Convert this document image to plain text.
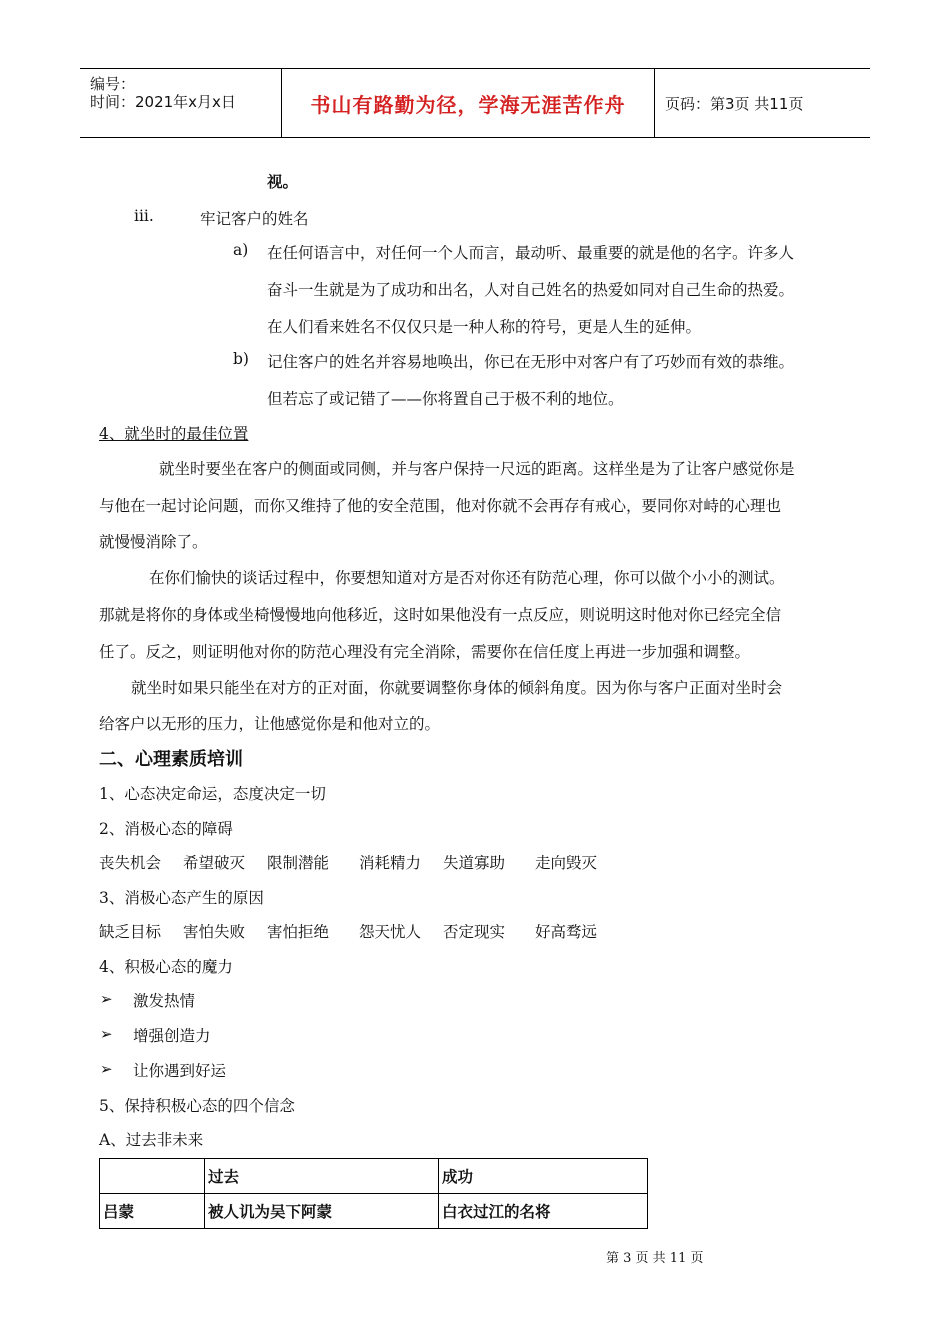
编号：
时间：2021年x月x日	书山有路勤为径，学海无涯苦作舟	页码：第3页 共11页
视。
iii.	牢记客户的姓名
a) 在任何语言中，对任何一个人而言，最动听、最重要的就是他的名字。许多人
奋斗一生就是为了成功和出名，人对自己姓名的热爱如同对自己生命的热爱。
在人们看来姓名不仅仅只是一种人称的符号，更是人生的延伸。
b) 记住客户的姓名并容易地唤出，你已在无形中对客户有了巧妙而有效的恭维。
但若忘了或记错了——你将置自己于极不利的地位。
4、就坐时的最佳位置
就坐时要坐在客户的侧面或同侧，并与客户保持一尺远的距离。这样坐是为了让客户感觉你是
与他在一起讨论问题，而你又维持了他的安全范围，他对你就不会再存有戒心，要同你对峙的心理也
就慢慢消除了。
在你们愉快的谈话过程中，你要想知道对方是否对你还有防范心理，你可以做个小小的测试。
那就是将你的身体或坐椅慢慢地向他移近，这时如果他没有一点反应，则说明这时他对你已经完全信
任了。反之，则证明他对你的防范心理没有完全消除，需要你在信任度上再进一步加强和调整。
就坐时如果只能坐在对方的正对面，你就要调整你身体的倾斜角度。因为你与客户正面对坐时会
给客户以无形的压力，让他感觉你是和他对立的。
二、心理素质培训
1、心态决定命运，态度决定一切
2、消极心态的障碍
丧失机会 希望破灭 限制潜能 消耗精力 失道寡助 走向毁灭
3、消极心态产生的原因
缺乏目标 害怕失败 害怕拒绝 怨天忧人 否定现实 好高骛远
4、积极心态的魔力
➢ 激发热情
➢ 增强创造力
➢ 让你遇到好运
5、保持积极心态的四个信念
A、过去非未来
	过去	成功
吕蒙	被人讥为吴下阿蒙	白衣过江的名将
第 3 页 共 11 页
